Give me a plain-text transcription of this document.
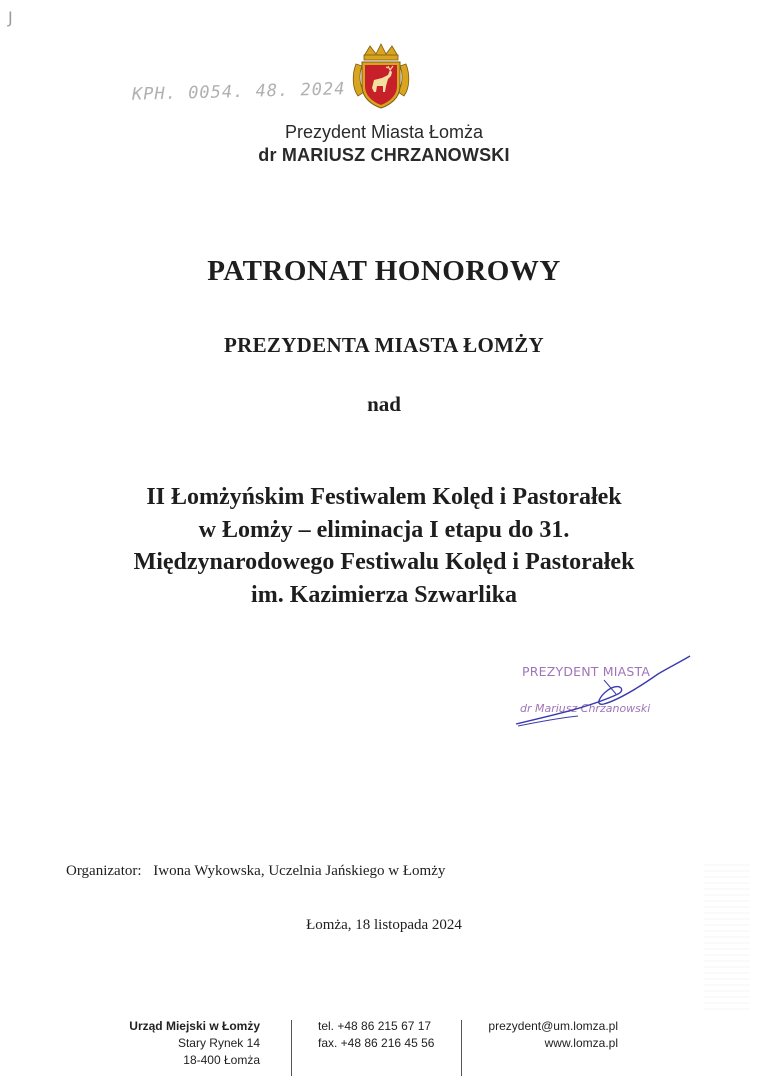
J
KPH. 0054. 48. 2024
Prezydent Miasta Łomża
dr MARIUSZ CHRZANOWSKI
PATRONAT HONOROWY
PREZYDENTA MIASTA ŁOMŻY
nad
II Łomżyńskim Festiwalem Kolęd i Pastorałek
w Łomży – eliminacja I etapu do 31.
Międzynarodowego Festiwalu Kolęd i Pastorałek
im. Kazimierza Szwarlika
PREZYDENT MIASTA
dr Mariusz Chrzanowski
Organizator: Iwona Wykowska, Uczelnia Jańskiego w Łomży
Łomża, 18 listopada 2024
Urząd Miejski w Łomży
Stary Rynek 14
18-400 Łomża
tel. +48 86 215 67 17
fax. +48 86 216 45 56
prezydent@um.lomza.pl
www.lomza.pl
